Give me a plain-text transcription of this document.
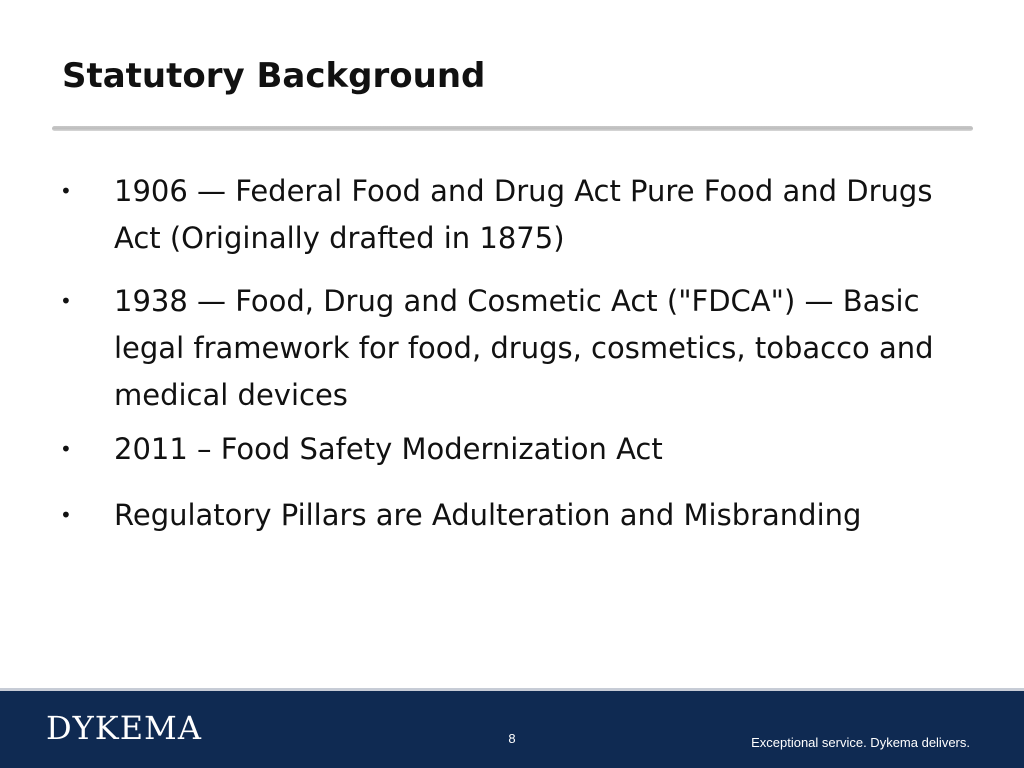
Statutory Background
• 1906 — Federal Food and Drug Act Pure Food and Drugs Act (Originally drafted in 1875)
• 1938 — Food, Drug and Cosmetic Act ("FDCA") — Basic legal framework for food, drugs, cosmetics, tobacco and medical devices
• 2011 – Food Safety Modernization Act
• Regulatory Pillars are Adulteration and Misbranding
DYKEMA	8	Exceptional service. Dykema delivers.
